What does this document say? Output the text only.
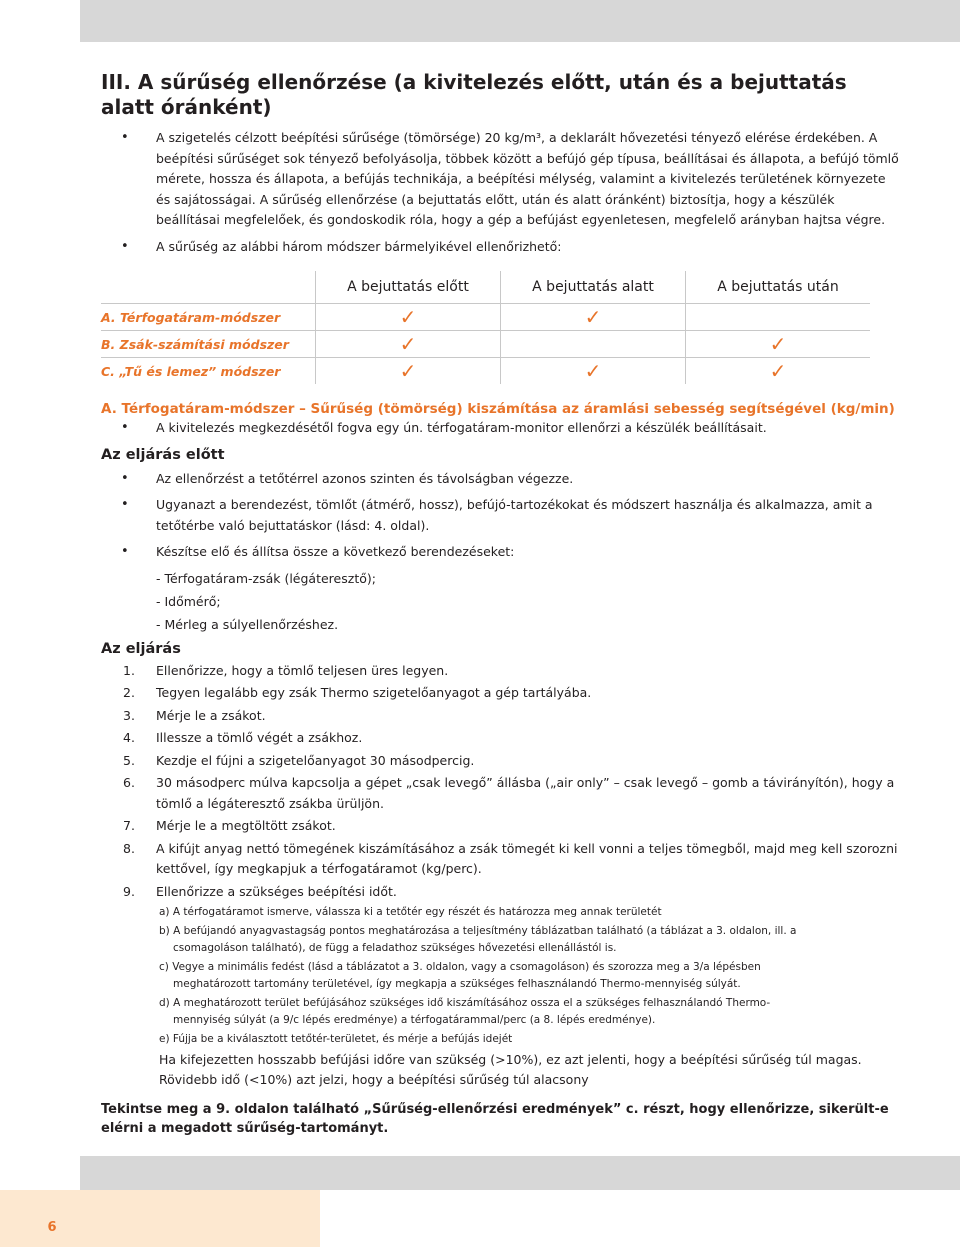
6
III. A sűrűség ellenőrzése (a kivitelezés előtt, után és a bejuttatás alatt óránként)
• A szigetelés célzott beépítési sűrűsége (tömörsége) 20 kg/m³, a deklarált hővezetési tényező elérése érdekében. A beépítési sűrűséget sok tényező befolyásolja, többek között a befújó gép típusa, beállításai és állapota, a befújó tömlő mérete, hossza és állapota, a befújás technikája, a beépítési mélység, valamint a kivitelezés területének környezete és sajátosságai. A sűrűség ellenőrzése (a bejuttatás előtt, után és alatt óránként) biztosítja, hogy a készülék beállításai megfelelőek, és gondoskodik róla, hogy a gép a befújást egyenletesen, megfelelő arányban hajtsa végre.
• A sűrűség az alábbi három módszer bármelyikével ellenőrizhető:
	A bejuttatás előtt	A bejuttatás alatt	A bejuttatás után
A. Térfogatáram-módszer	✓	✓	
B. Zsák-számítási módszer	✓		✓
C. „Tű és lemez” módszer	✓	✓	✓
A. Térfogatáram-módszer – Sűrűség (tömörség) kiszámítása az áramlási sebesség segítségével (kg/min)
• A kivitelezés megkezdésétől fogva egy ún. térfogatáram-monitor ellenőrzi a készülék beállításait.
Az eljárás előtt
• Az ellenőrzést a tetőtérrel azonos szinten és távolságban végezze.
• Ugyanazt a berendezést, tömlőt (átmérő, hossz), befújó-tartozékokat és módszert használja és alkalmazza, amit a tetőtérbe való bejuttatáskor (lásd: 4. oldal).
• Készítse elő és állítsa össze a következő berendezéseket:
- Térfogatáram-zsák (légáteresztő);
- Időmérő;
- Mérleg a súlyellenőrzéshez.
Az eljárás
1. Ellenőrizze, hogy a tömlő teljesen üres legyen.
2. Tegyen legalább egy zsák Thermo szigetelőanyagot a gép tartályába.
3. Mérje le a zsákot.
4. Illessze a tömlő végét a zsákhoz.
5. Kezdje el fújni a szigetelőanyagot 30 másodpercig.
6. 30 másodperc múlva kapcsolja a gépet „csak levegő” állásba („air only” – csak levegő – gomb a távirányítón), hogy a tömlő a légáteresztő zsákba ürüljön.
7. Mérje le a megtöltött zsákot.
8. A kifújt anyag nettó tömegének kiszámításához a zsák tömegét ki kell vonni a teljes tömegből, majd meg kell szorozni kettővel, így megkapjuk a térfogatáramot (kg/perc).
9. Ellenőrizze a szükséges beépítési időt.
a) A térfogatáramot ismerve, válassza ki a tetőtér egy részét és határozza meg annak területét
b) A befújandó anyagvastagság pontos meghatározása a teljesítmény táblázatban található (a táblázat a 3. oldalon, ill. a
csomagoláson található), de függ a feladathoz szükséges hővezetési ellenállástól is.
c) Vegye a minimális fedést (lásd a táblázatot a 3. oldalon, vagy a csomagoláson) és szorozza meg a 3/a lépésben
meghatározott tartomány területével, így megkapja a szükséges felhasználandó Thermo-mennyiség súlyát.
d) A meghatározott terület befújásához szükséges idő kiszámításához ossza el a szükséges felhasználandó Thermo-
mennyiség súlyát (a 9/c lépés eredménye) a térfogatárammal/perc (a 8. lépés eredménye).
e) Fújja be a kiválasztott tetőtér-területet, és mérje a befújás idejét
Ha kifejezetten hosszabb befújási időre van szükség (>10%), ez azt jelenti, hogy a beépítési sűrűség túl magas. Rövidebb idő (<10%) azt jelzi, hogy a beépítési sűrűség túl alacsony
Tekintse meg a 9. oldalon található „Sűrűség-ellenőrzési eredmények” c. részt, hogy ellenőrizze, sikerült-e elérni a megadott sűrűség-tartományt.
